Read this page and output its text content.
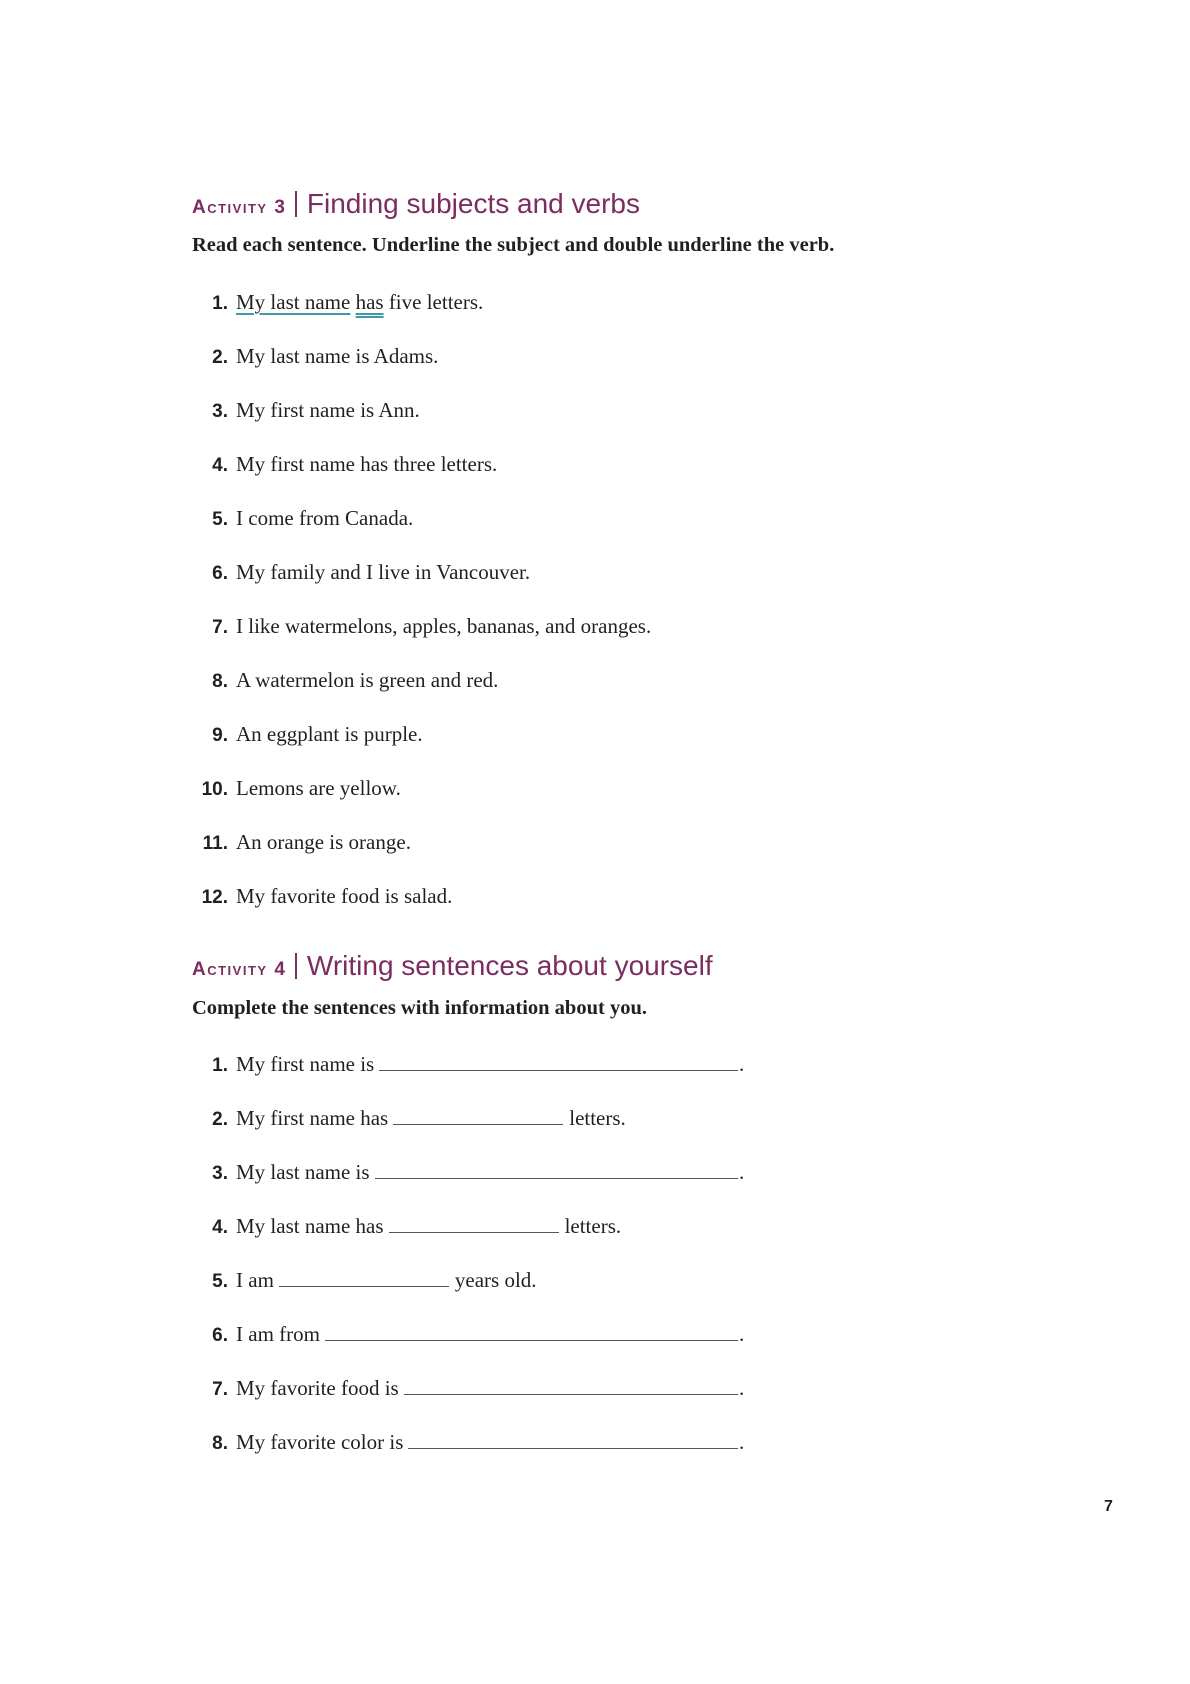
Activity 3 Finding subjects and verbs
Read each sentence. Underline the subject and double underline the verb.
1. My last name
has
five letters.
2. My last name is Adams.
3. My first name is Ann.
4. My first name has three letters.
5. I come from Canada.
6. My family and I live in Vancouver.
7. I like watermelons, apples, bananas, and oranges.
8. A watermelon is green and red.
9. An eggplant is purple.
10. Lemons are yellow.
11. An orange is orange.
12. My favorite food is salad.
Activity 4 Writing sentences about yourself
Complete the sentences with information about you.
1. My first name is	.
2. My first name has	letters.
3. My last name is	.
4. My last name has	letters.
5. I am	years old.
6. I am from	.
7. My favorite food is	.
8. My favorite color is	.
7
